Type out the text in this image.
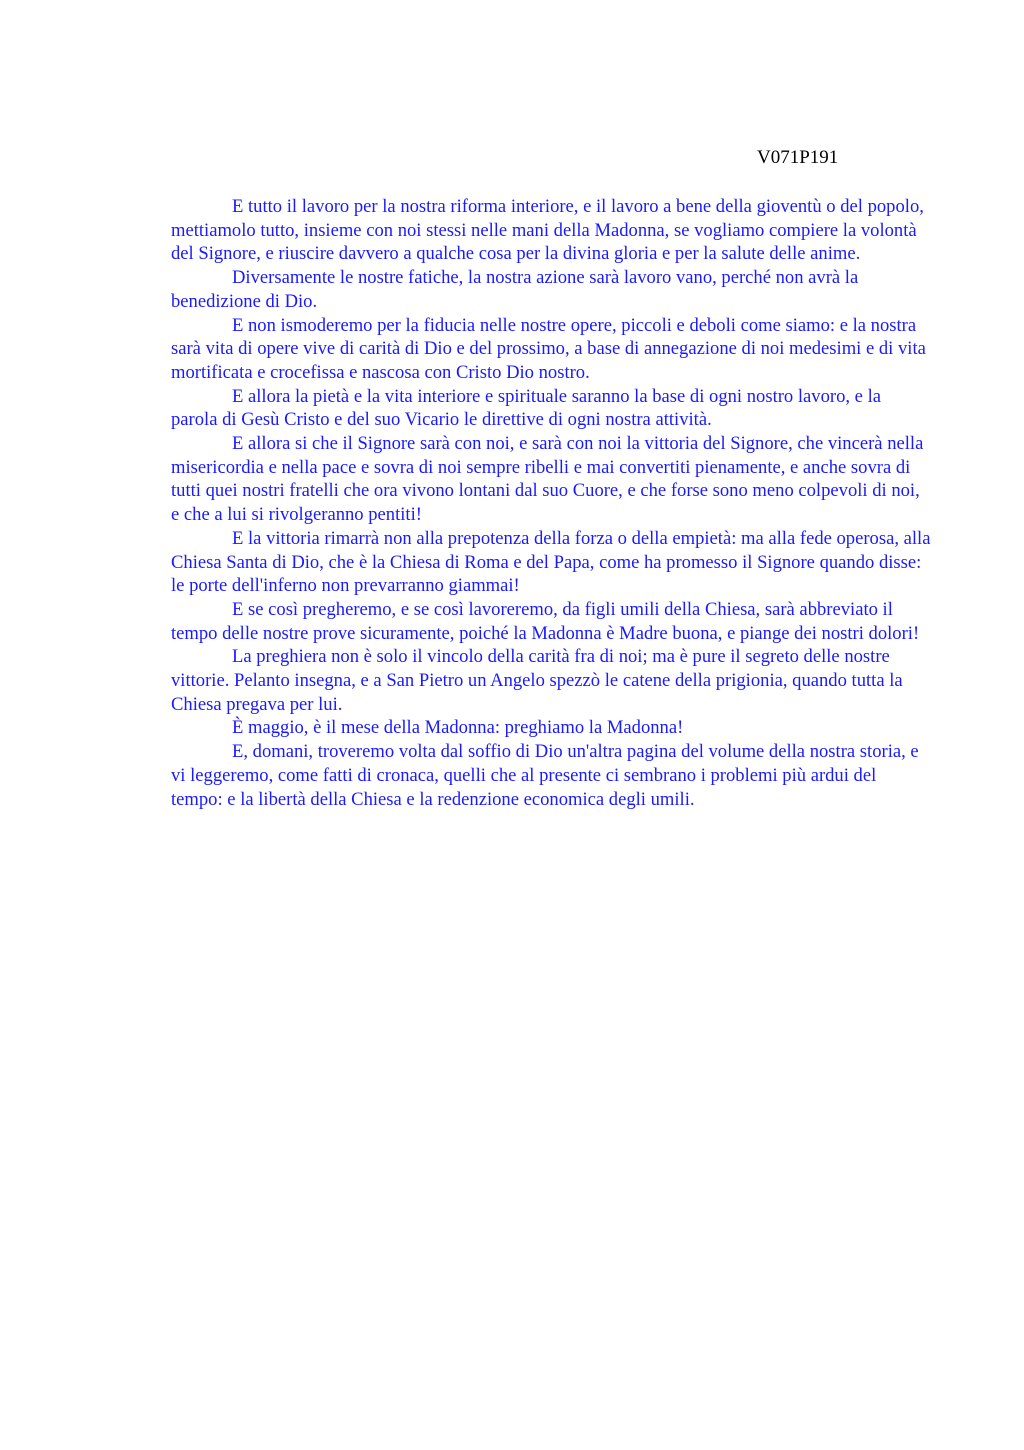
V071P191

E tutto il lavoro per la nostra riforma interiore, e il lavoro a bene della gioventù o del popolo, mettiamolo tutto, insieme con noi stessi nelle mani della Madonna, se vogliamo compiere la volontà del Signore, e riuscire davvero a qualche cosa per la divina gloria e per la salute delle anime.

Diversamente le nostre fatiche, la nostra azione sarà lavoro vano, perché non avrà la benedizione di Dio.

E non ismoderemo per la fiducia nelle nostre opere, piccoli e deboli come siamo: e la nostra sarà vita di opere vive di carità di Dio e del prossimo, a base di annegazione di noi medesimi e di vita mortificata e crocefissa e nascosa con Cristo Dio nostro.

E allora la pietà e la vita interiore e spirituale saranno la base di ogni nostro lavoro, e la parola di Gesù Cristo e del suo Vicario le direttive di ogni nostra attività.

E allora si che il Signore sarà con noi, e sarà con noi la vittoria del Signore, che vincerà nella misericordia e nella pace e sovra di noi sempre ribelli e mai convertiti pienamente, e anche sovra di tutti quei nostri fratelli che ora vivono lontani dal suo Cuore, e che forse sono meno colpevoli di noi, e che a lui si rivolgeranno pentiti!

E la vittoria rimarrà non alla prepotenza della forza o della empietà: ma alla fede operosa, alla Chiesa Santa di Dio, che è la Chiesa di Roma e del Papa, come ha promesso il Signore quando disse: le porte dell'inferno non prevarranno giammai!

E se così pregheremo, e se così lavoreremo, da figli umili della Chiesa, sarà abbreviato il tempo delle nostre prove sicuramente, poiché la Madonna è Madre buona, e piange dei nostri dolori!

La preghiera non è solo il vincolo della carità fra di noi; ma è pure il segreto delle nostre vittorie. Pelanto insegna, e a San Pietro un Angelo spezzò le catene della prigionia, quando tutta la Chiesa pregava per lui.

È maggio, è il mese della Madonna: preghiamo la Madonna!

E, domani, troveremo volta dal soffio di Dio un'altra pagina del volume della nostra storia, e vi leggeremo, come fatti di cronaca, quelli che al presente ci sembrano i problemi più ardui del tempo: e la libertà della Chiesa e la redenzione economica degli umili.
